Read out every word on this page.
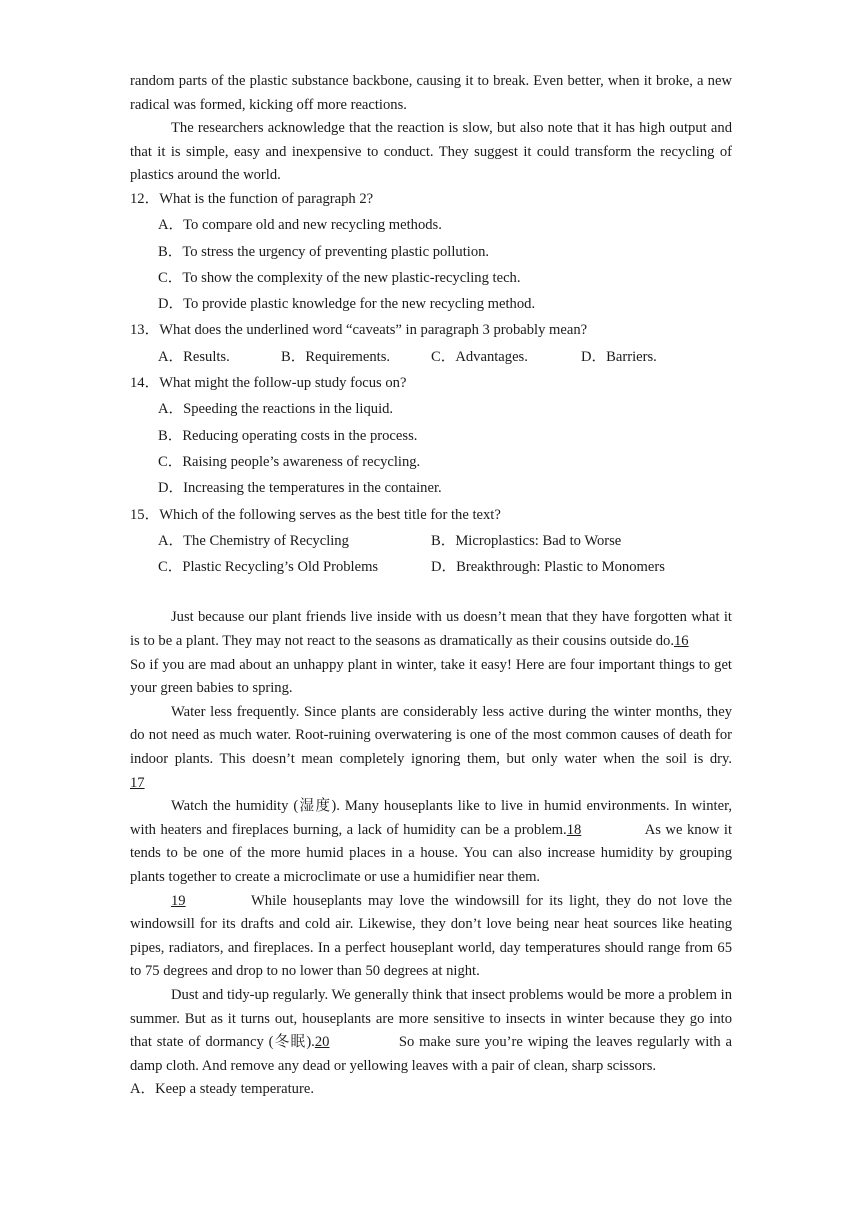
random parts of the plastic substance backbone, causing it to break. Even better, when it broke, a new radical was formed, kicking off more reactions.

The researchers acknowledge that the reaction is slow, but also note that it has high output and that it is simple, easy and inexpensive to conduct. They suggest it could transform the recycling of plastics around the world.

12．What is the function of paragraph 2?

A．To compare old and new recycling methods.

B．To stress the urgency of preventing plastic pollution.

C．To show the complexity of the new plastic-recycling tech.

D．To provide plastic knowledge for the new recycling method.

13．What does the underlined word “caveats” in paragraph 3 probably mean?

A．Results.	B．Requirements.	C．Advantages.	D．Barriers.

14．What might the follow-up study focus on?

A．Speeding the reactions in the liquid.

B．Reducing operating costs in the process.

C．Raising people’s awareness of recycling.

D．Increasing the temperatures in the container.

15．Which of the following serves as the best title for the text?

A．The Chemistry of Recycling	B．Microplastics: Bad to Worse
C．Plastic Recycling’s Old Problems	D．Breakthrough: Plastic to Monomers

Just because our plant friends live inside with us doesn’t mean that they have forgotten what it is to be a plant. They may not react to the seasons as dramatically as their cousins outside do.16So if you are mad about an unhappy plant in winter, take it easy! Here are four important things to get your green babies to spring.

Water less frequently. Since plants are considerably less active during the winter months, they do not need as much water. Root-ruining overwatering is one of the most common causes of death for indoor plants. This doesn’t mean completely ignoring them, but only water when the soil is dry.17

Watch the humidity (湿度). Many houseplants like to live in humid environments. In winter, with heaters and fireplaces burning, a lack of humidity can be a problem.18	As we know it tends to be one of the more humid places in a house. You can also increase humidity by grouping plants together to create a microclimate or use a humidifier near them.

19	While houseplants may love the windowsill for its light, they do not love the windowsill for its drafts and cold air. Likewise, they don’t love being near heat sources like heating pipes, radiators, and fireplaces. In a perfect houseplant world, day temperatures should range from 65 to 75 degrees and drop to no lower than 50 degrees at night.

Dust and tidy-up regularly. We generally think that insect problems would be more a problem in summer. But as it turns out, houseplants are more sensitive to insects in winter because they go into that state of dormancy (冬眠).20	So make sure you’re wiping the leaves regularly with a damp cloth. And remove any dead or yellowing leaves with a pair of clean, sharp scissors.

A．Keep a steady temperature.
